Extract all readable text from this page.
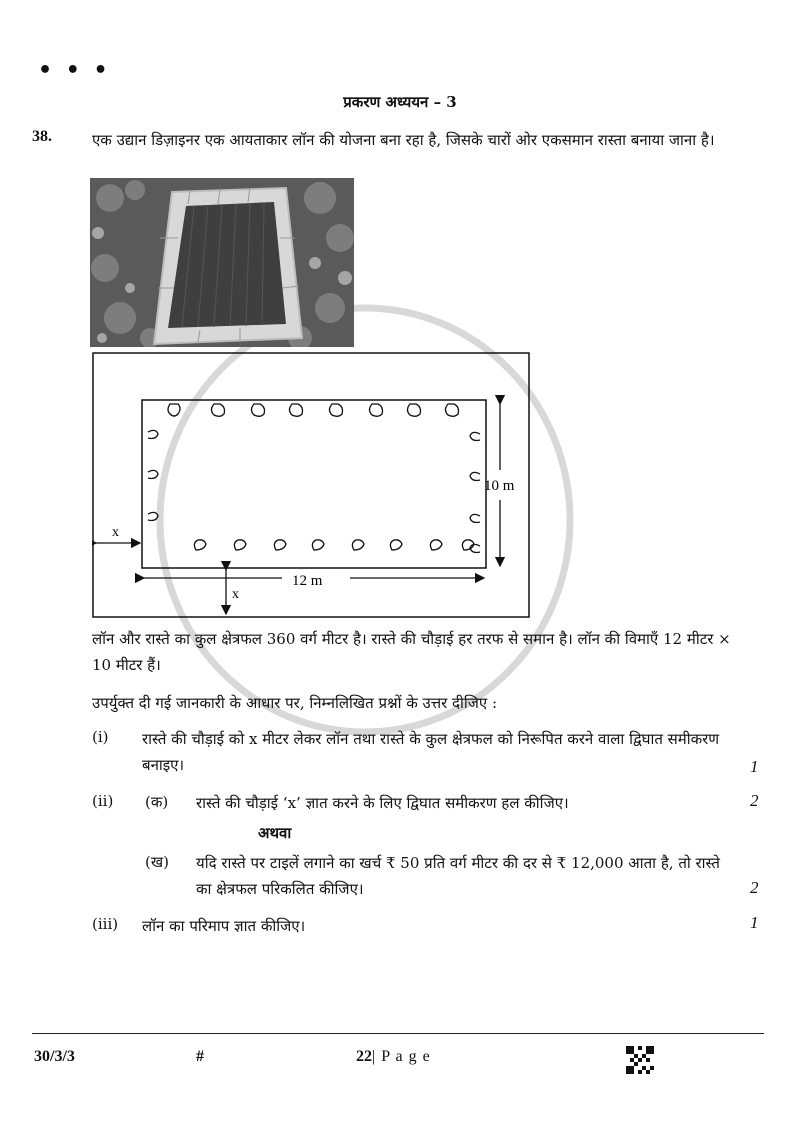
• • •
प्रकरण अध्ययन – 3
38.	एक उद्यान डिज़ाइनर एक आयताकार लॉन की योजना बना रहा है, जिसके चारों ओर एकसमान रास्ता बनाया जाना है।
x
12 m
x
10 m
लॉन और रास्ते का कुल क्षेत्रफल 360 वर्ग मीटर है। रास्ते की चौड़ाई हर तरफ से समान है। लॉन की विमाएँ 12 मीटर × 10 मीटर हैं।
उपर्युक्त दी गई जानकारी के आधार पर, निम्नलिखित प्रश्नों के उत्तर दीजिए :
(i) रास्ते की चौड़ाई को x मीटर लेकर लॉन तथा रास्ते के कुल क्षेत्रफल को निरूपित करने वाला द्विघात समीकरण बनाइए।	1
(ii) (क) रास्ते की चौड़ाई ‘x’ ज्ञात करने के लिए द्विघात समीकरण हल कीजिए।	2
अथवा
(ख) यदि रास्ते पर टाइलें लगाने का खर्च ₹ 50 प्रति वर्ग मीटर की दर से ₹ 12,000 आता है, तो रास्ते का क्षेत्रफल परिकलित कीजिए।	2
(iii) लॉन का परिमाप ज्ञात कीजिए।	1
30/3/3	#	22| P a g e
